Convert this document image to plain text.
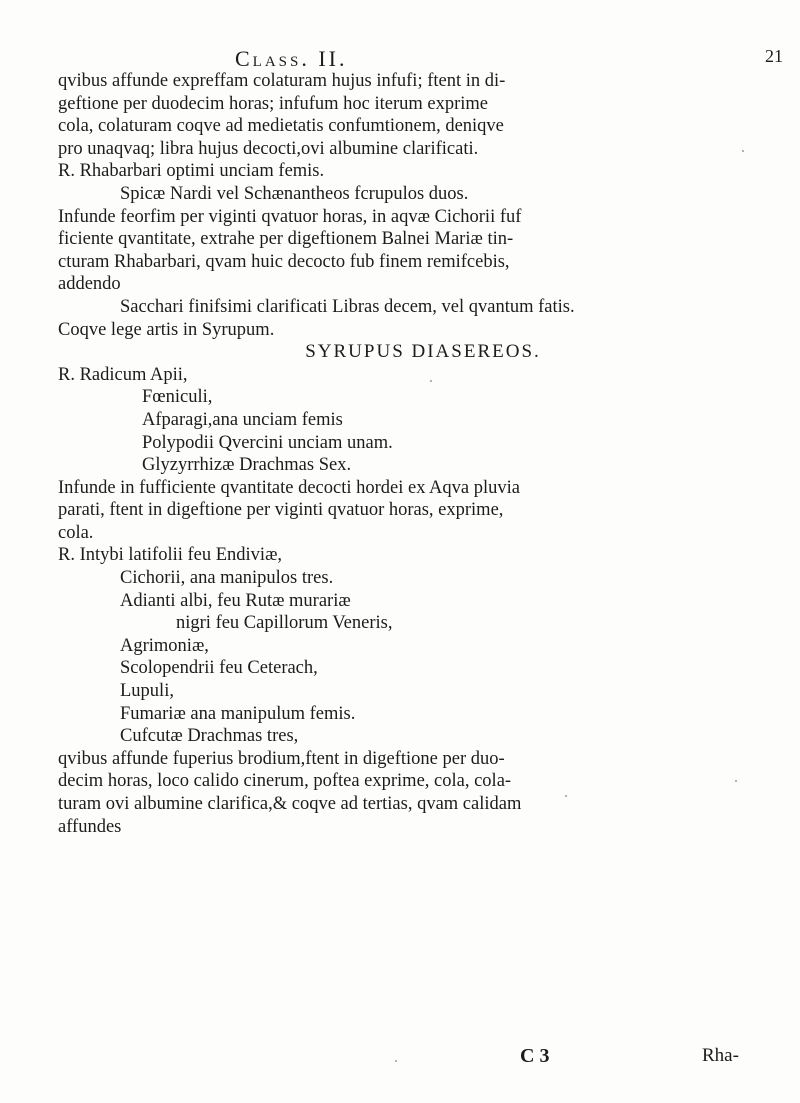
Class. II.	21
qvibus affunde expreffam colaturam hujus infufi; ftent in di-
geftione per duodecim horas; infufum hoc iterum exprime
cola, colaturam coqve ad medietatis confumtionem, deniqve
pro unaqvaq; libra hujus decocti,ovi albumine clarificati.
R. Rhabarbari optimi unciam femis.
Spicæ Nardi vel Schænantheos fcrupulos duos.
Infunde feorfim per viginti qvatuor horas, in aqvæ Cichorii fuf
ficiente qvantitate, extrahe per digeftionem Balnei Mariæ tin-
cturam Rhabarbari, qvam huic decocto fub finem remifcebis,
addendo
Sacchari finifsimi clarificati Libras decem, vel qvantum fatis.
Coqve lege artis in Syrupum.
SYRUPUS DIASEREOS.
R. Radicum Apii,
Fœniculi,
Afparagi,ana unciam femis
Polypodii Qvercini unciam unam.
Glyzyrrhizæ Drachmas Sex.
Infunde in fufficiente qvantitate decocti hordei ex Aqva pluvia
parati, ftent in digeftione per viginti qvatuor horas, exprime,
cola.
R. Intybi latifolii feu Endiviæ,
Cichorii, ana manipulos tres.
Adianti albi, feu Rutæ murariæ
nigri feu Capillorum Veneris,
Agrimoniæ,
Scolopendrii feu Ceterach,
Lupuli,
Fumariæ ana manipulum femis.
Cufcutæ Drachmas tres,
qvibus affunde fuperius brodium,ftent in digeftione per duo-
decim horas, loco calido cinerum, poftea exprime, cola, cola-
turam ovi albumine clarifica,& coqve ad tertias, qvam calidam
affundes
C 3	Rha-
